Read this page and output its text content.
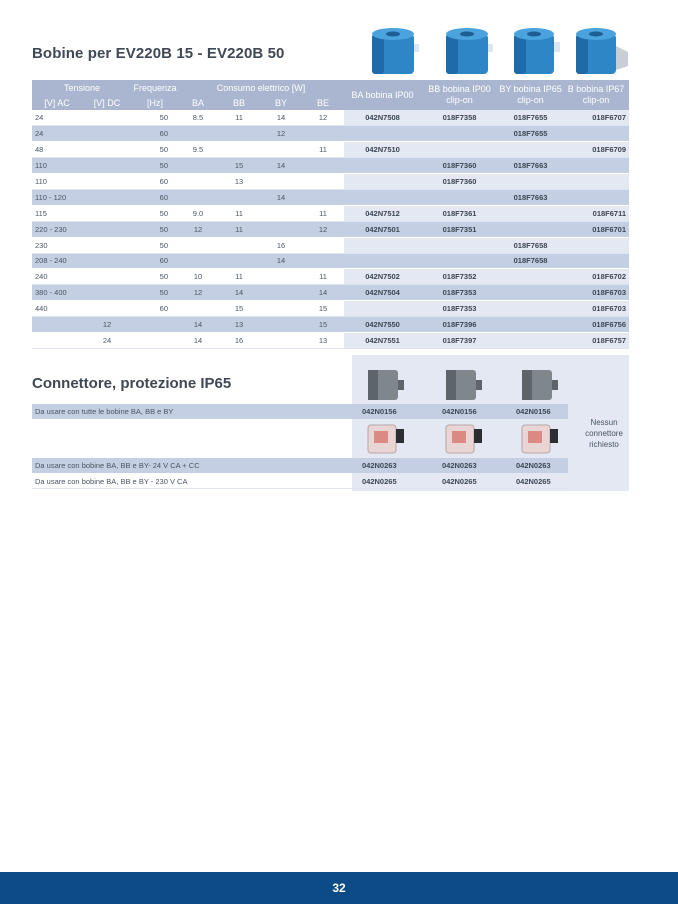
Bobine per EV220B 15 - EV220B 50
Tensione		Frequenza	Consumo elettrico [W]				BA bobina IP00	BB bobina IP00 clip-on	BY bobina IP65 clip-on	B bobina IP67 clip-on
[V] AC	[V] DC	[Hz]	BA	BB	BY	BE				
24		50	8.5	11	14	12	042N7508	018F7358	018F7655	018F6707
24		60			12				018F7655	
48		50	9.5			11	042N7510			018F6709
110		50		15	14			018F7360	018F7663	
110		60		13				018F7360		
110 - 120		60			14				018F7663	
115		50	9.0	11		11	042N7512	018F7361		018F6711
220 - 230		50	12	11		12	042N7501	018F7351		018F6701
230		50			16				018F7658	
208 - 240		60			14				018F7658	
240		50	10	11		11	042N7502	018F7352		018F6702
380 - 400		50	12	14		14	042N7504	018F7353		018F6703
440		60		15		15		018F7353		018F6703
	12		14	13		15	042N7550	018F7396		018F6756
	24		14	16		13	042N7551	018F7397		018F6757
Connettore, protezione IP65
Da usare con tutte le bobine BA, BB e BY	042N0156	042N0156	042N0156
Da usare con bobine BA, BB e BY- 24 V CA + CC	042N0263	042N0263	042N0263
Da usare con bobine BA, BB e BY - 230 V CA	042N0265	042N0265	042N0265
Nessun connettore richiesto
32
